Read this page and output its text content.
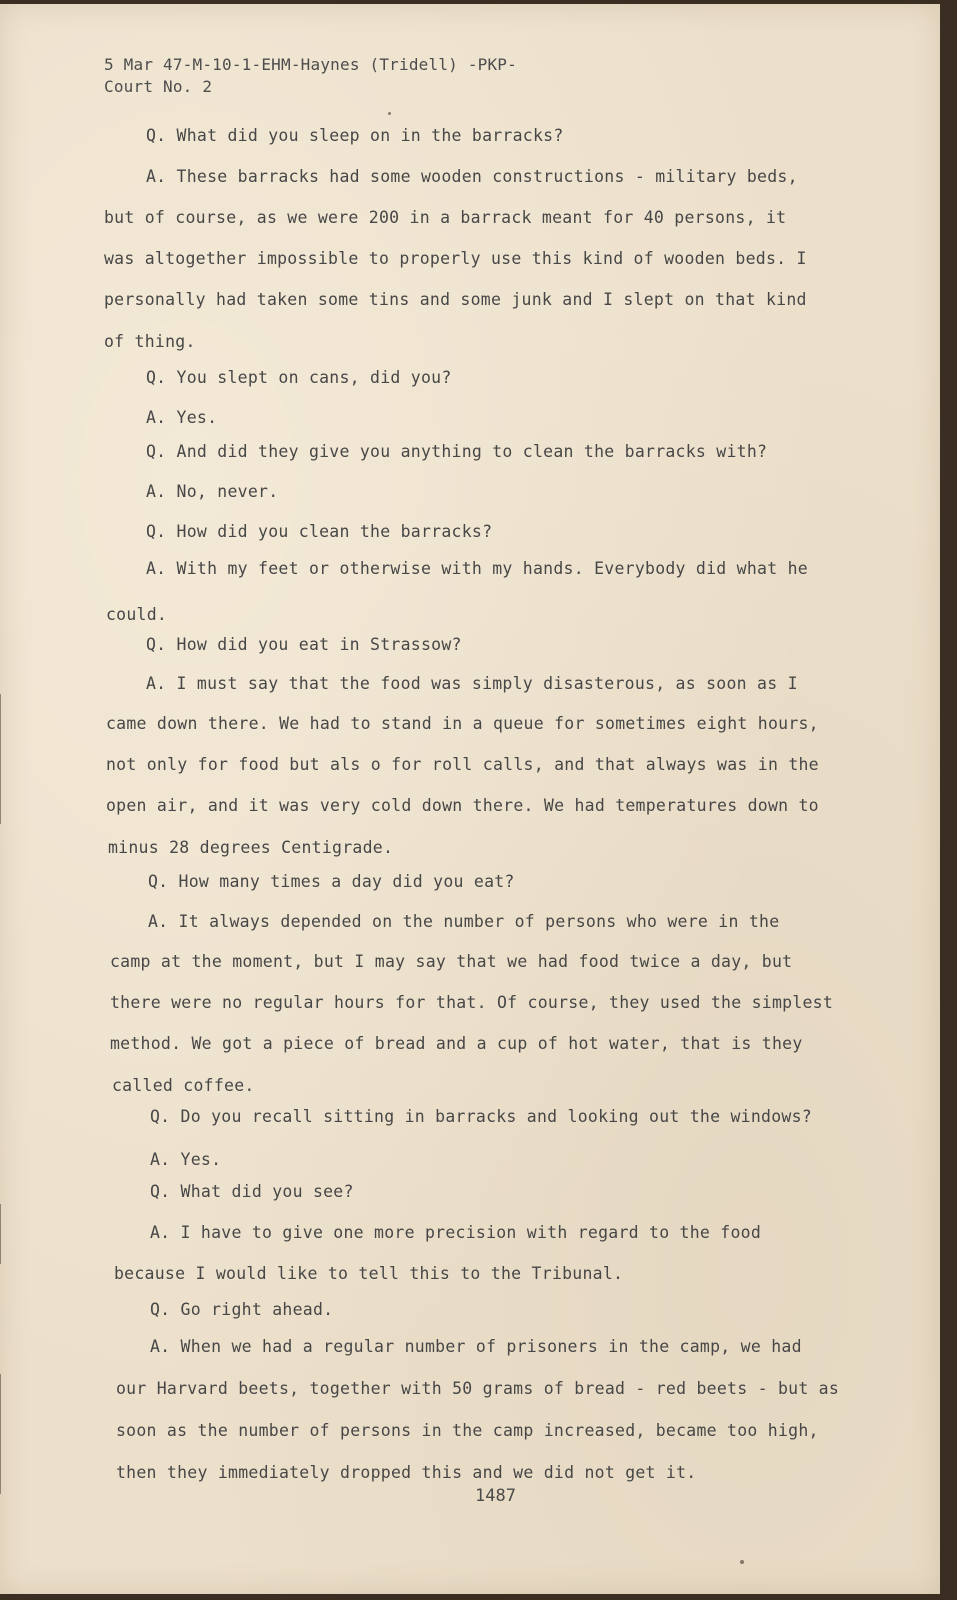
5 Mar 47-M-10-1-EHM-Haynes (Tridell) -PKP-
Court No. 2
Q. What did you sleep on in the barracks?
A. These barracks had some wooden constructions - military beds,
but of course, as we were 200 in a barrack meant for 40 persons, it
was altogether impossible to properly use this kind of wooden beds. I
personally had taken some tins and some junk and I slept on that kind
of thing.
Q. You slept on cans, did you?
A. Yes.
Q. And did they give you anything to clean the barracks with?
A. No, never.
Q. How did you clean the barracks?
A. With my feet or otherwise with my hands. Everybody did what he
could.
Q. How did you eat in Strassow?
A. I must say that the food was simply disasterous, as soon as I
came down there. We had to stand in a queue for sometimes eight hours,
not only for food but als o for roll calls, and that always was in the
open air, and it was very cold down there. We had temperatures down to
minus 28 degrees Centigrade.
Q. How many times a day did you eat?
A. It always depended on the number of persons who were in the
camp at the moment, but I may say that we had food twice a day, but
there were no regular hours for that. Of course, they used the simplest
method. We got a piece of bread and a cup of hot water, that is they
called coffee.
Q. Do you recall sitting in barracks and looking out the windows?
A. Yes.
Q. What did you see?
A. I have to give one more precision with regard to the food
because I would like to tell this to the Tribunal.
Q. Go right ahead.
A. When we had a regular number of prisoners in the camp, we had
our Harvard beets, together with 50 grams of bread - red beets - but as
soon as the number of persons in the camp increased, became too high,
then they immediately dropped this and we did not get it.
1487
